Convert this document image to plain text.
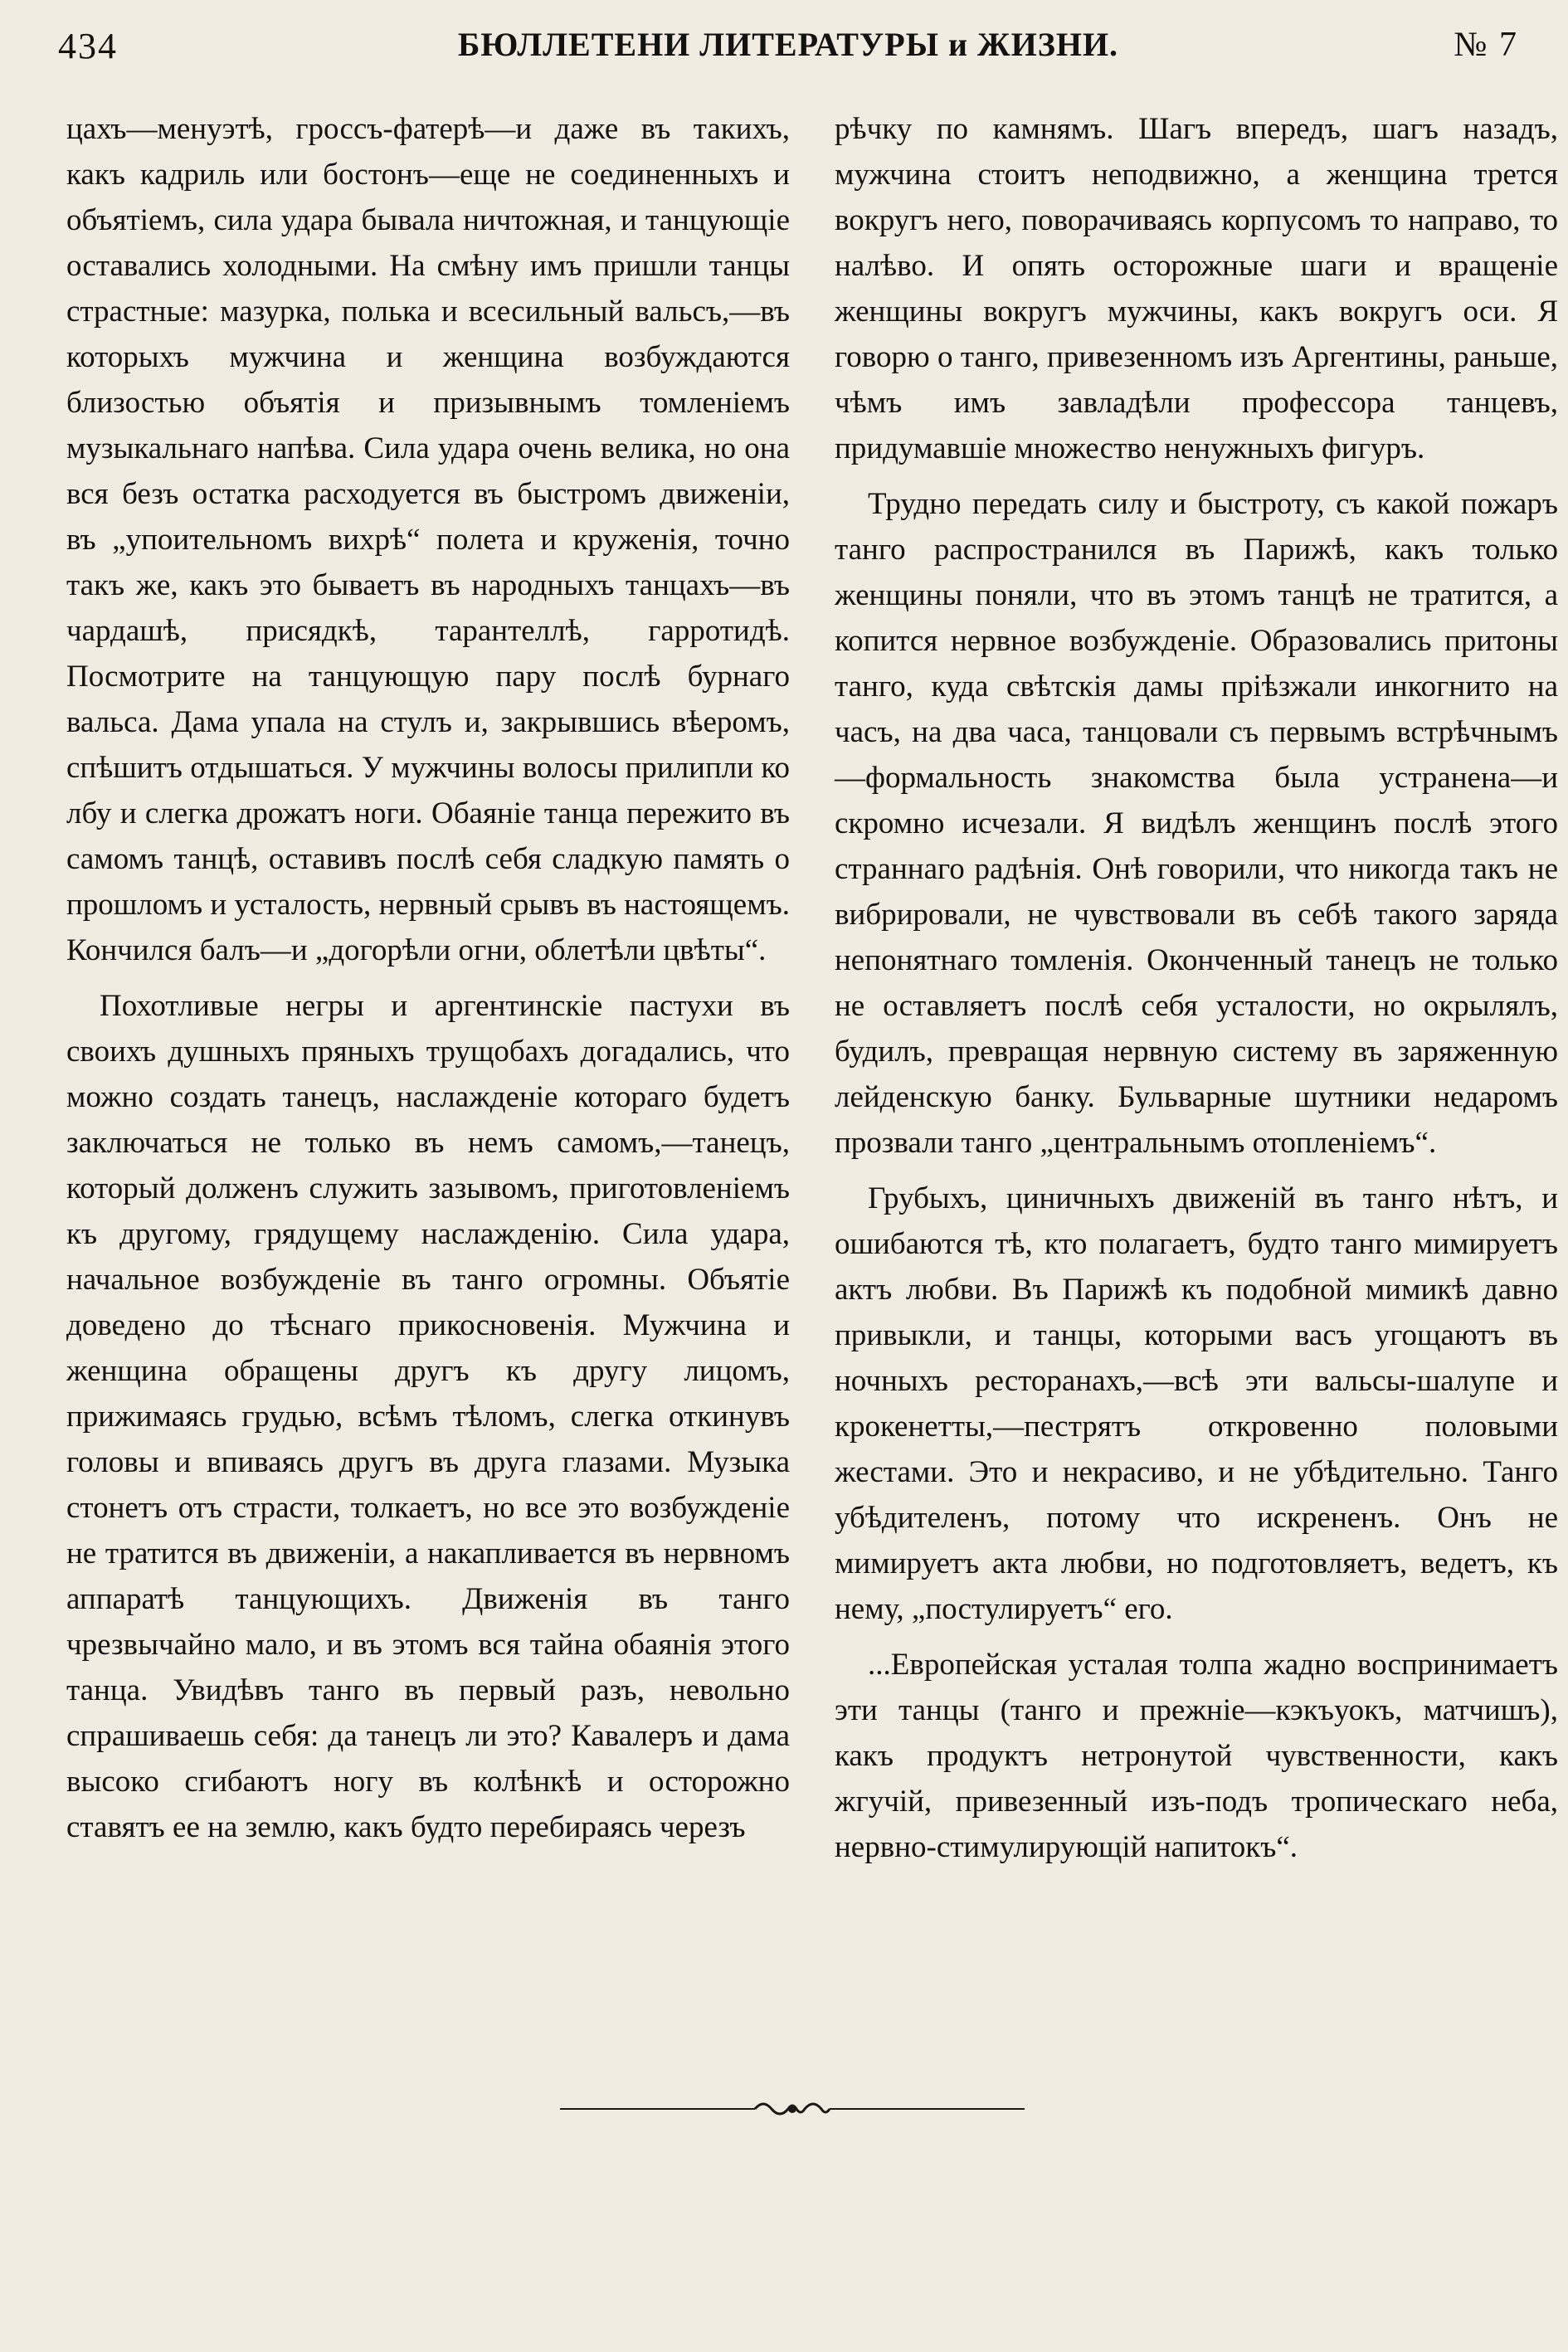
434	БЮЛЛЕТЕНИ ЛИТЕРАТУРЫ и ЖИЗНИ.	№ 7

цахъ—менуэтѣ, гроссъ-фатерѣ—и даже въ такихъ, какъ кадриль или бостонъ—еще не соединенныхъ и объятіемъ, сила удара бывала ничтожная, и танцующіе оставались холодными. На смѣну имъ пришли танцы страстные: мазурка, полька и всесильный вальсъ,—въ которыхъ мужчина и женщина возбуждаются близостью объятія и призывнымъ томленіемъ музыкальнаго напѣва. Сила удара очень велика, но она вся безъ остатка расходуется въ быстромъ движеніи, въ „упоительномъ вихрѣ“ полета и круженія, точно такъ же, какъ это бываетъ въ народныхъ танцахъ—въ чардашѣ, присядкѣ, тарантеллѣ, гарротидѣ. Посмотрите на танцующую пару послѣ бурнаго вальса. Дама упала на стулъ и, закрывшись вѣеромъ, спѣшитъ отдышаться. У мужчины волосы прилипли ко лбу и слегка дрожатъ ноги. Обаяніе танца пережито въ самомъ танцѣ, оставивъ послѣ себя сладкую память о прошломъ и усталость, нервный срывъ въ настоящемъ. Кончился балъ—и „догорѣли огни, облетѣли цвѣты“.

Похотливые негры и аргентинскіе пастухи въ своихъ душныхъ пряныхъ трущобахъ догадались, что можно создать танецъ, наслажденіе котораго будетъ заключаться не только въ немъ самомъ,—танецъ, который долженъ служить зазывомъ, приготовленіемъ къ другому, грядущему наслажденію. Сила удара, начальное возбужденіе въ танго огромны. Объятіе доведено до тѣснаго прикосновенія. Мужчина и женщина обращены другъ къ другу лицомъ, прижимаясь грудью, всѣмъ тѣломъ, слегка откинувъ головы и впиваясь другъ въ друга глазами. Музыка стонетъ отъ страсти, толкаетъ, но все это возбужденіе не тратится въ движеніи, а накапливается въ нервномъ аппаратѣ танцующихъ. Движенія въ танго чрезвычайно мало, и въ этомъ вся тайна обаянія этого танца. Увидѣвъ танго въ первый разъ, невольно спрашиваешь себя: да танецъ ли это? Кавалеръ и дама высоко сгибаютъ ногу въ колѣнкѣ и осторожно ставятъ ее на землю, какъ будто перебираясь черезъ

рѣчку по камнямъ. Шагъ впередъ, шагъ назадъ, мужчина стоитъ неподвижно, а женщина трется вокругъ него, поворачиваясь корпусомъ то направо, то налѣво. И опять осторожные шаги и вращеніе женщины вокругъ мужчины, какъ вокругъ оси. Я говорю о танго, привезенномъ изъ Аргентины, раньше, чѣмъ имъ завладѣли профессора танцевъ, придумавшіе множество ненужныхъ фигуръ.

Трудно передать силу и быстроту, съ какой пожаръ танго распространился въ Парижѣ, какъ только женщины поняли, что въ этомъ танцѣ не тратится, а копится нервное возбужденіе. Образовались притоны танго, куда свѣтскія дамы пріѣзжали инкогнито на часъ, на два часа, танцовали съ первымъ встрѣчнымъ—формальность знакомства была устранена—и скромно исчезали. Я видѣлъ женщинъ послѣ этого страннаго радѣнія. Онѣ говорили, что никогда такъ не вибрировали, не чувствовали въ себѣ такого заряда непонятнаго томленія. Оконченный танецъ не только не оставляетъ послѣ себя усталости, но окрылялъ, будилъ, превращая нервную систему въ заряженную лейденскую банку. Бульварные шутники недаромъ прозвали танго „центральнымъ отопленіемъ“.

Грубыхъ, циничныхъ движеній въ танго нѣтъ, и ошибаются тѣ, кто полагаетъ, будто танго мимируетъ актъ любви. Въ Парижѣ къ подобной мимикѣ давно привыкли, и танцы, которыми васъ угощаютъ въ ночныхъ ресторанахъ,—всѣ эти вальсы-шалупе и крокенетты,—пестрятъ откровенно половыми жестами. Это и некрасиво, и не убѣдительно. Танго убѣдителенъ, потому что искрененъ. Онъ не мимируетъ акта любви, но подготовляетъ, ведетъ, къ нему, „постулируетъ“ его.

...Европейская усталая толпа жадно воспринимаетъ эти танцы (танго и прежніе—кэкъуокъ, матчишъ), какъ продуктъ нетронутой чувственности, какъ жгучій, привезенный изъ-подъ тропическаго неба, нервно-стимулирующій напитокъ“.
